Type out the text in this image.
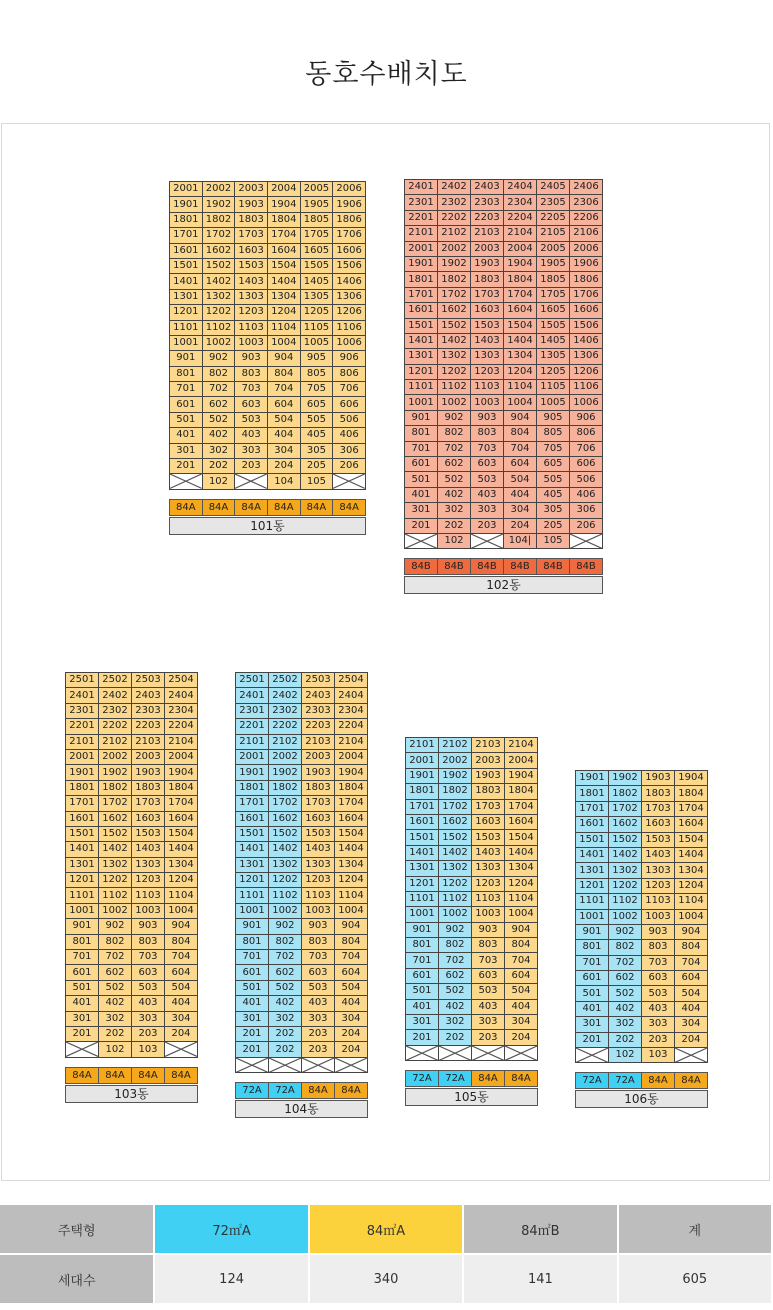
동호수배치도
2001	2002	2003	2004	2005	2006
1901	1902	1903	1904	1905	1906
1801	1802	1803	1804	1805	1806
1701	1702	1703	1704	1705	1706
1601	1602	1603	1604	1605	1606
1501	1502	1503	1504	1505	1506
1401	1402	1403	1404	1405	1406
1301	1302	1303	1304	1305	1306
1201	1202	1203	1204	1205	1206
1101	1102	1103	1104	1105	1106
1001	1002	1003	1004	1005	1006
901	902	903	904	905	906
801	802	803	804	805	806
701	702	703	704	705	706
601	602	603	604	605	606
501	502	503	504	505	506
401	402	403	404	405	406
301	302	303	304	305	306
201	202	203	204	205	206

	102		104	105	
84A	84A	84A	84A	84A	84A
101동
2401	2402	2403	2404	2405	2406
2301	2302	2303	2304	2305	2306
2201	2202	2203	2204	2205	2206
2101	2102	2103	2104	2105	2106
2001	2002	2003	2004	2005	2006
1901	1902	1903	1904	1905	1906
1801	1802	1803	1804	1805	1806
1701	1702	1703	1704	1705	1706
1601	1602	1603	1604	1605	1606
1501	1502	1503	1504	1505	1506
1401	1402	1403	1404	1405	1406
1301	1302	1303	1304	1305	1306
1201	1202	1203	1204	1205	1206
1101	1102	1103	1104	1105	1106
1001	1002	1003	1004	1005	1006
901	902	903	904	905	906
801	802	803	804	805	806
701	702	703	704	705	706
601	602	603	604	605	606
501	502	503	504	505	506
401	402	403	404	405	406
301	302	303	304	305	306
201	202	203	204	205	206

	102		104|	105	
84B	84B	84B	84B	84B	84B
102동
2501	2502	2503	2504
2401	2402	2403	2404
2301	2302	2303	2304
2201	2202	2203	2204
2101	2102	2103	2104
2001	2002	2003	2004
1901	1902	1903	1904
1801	1802	1803	1804
1701	1702	1703	1704
1601	1602	1603	1604
1501	1502	1503	1504
1401	1402	1403	1404
1301	1302	1303	1304
1201	1202	1203	1204
1101	1102	1103	1104
1001	1002	1003	1004
901	902	903	904
801	802	803	804
701	702	703	704
601	602	603	604
501	502	503	504
401	402	403	404
301	302	303	304
201	202	203	204

	102	103	
84A	84A	84A	84A
103동
2501	2502	2503	2504
2401	2402	2403	2404
2301	2302	2303	2304
2201	2202	2203	2204
2101	2102	2103	2104
2001	2002	2003	2004
1901	1902	1903	1904
1801	1802	1803	1804
1701	1702	1703	1704
1601	1602	1603	1604
1501	1502	1503	1504
1401	1402	1403	1404
1301	1302	1303	1304
1201	1202	1203	1204
1101	1102	1103	1104
1001	1002	1003	1004
901	902	903	904
801	802	803	804
701	702	703	704
601	602	603	604
501	502	503	504
401	402	403	404
301	302	303	304
201	202	203	204
201	202	203	204

72A	72A	84A	84A
104동
2101	2102	2103	2104
2001	2002	2003	2004
1901	1902	1903	1904
1801	1802	1803	1804
1701	1702	1703	1704
1601	1602	1603	1604
1501	1502	1503	1504
1401	1402	1403	1404
1301	1302	1303	1304
1201	1202	1203	1204
1101	1102	1103	1104
1001	1002	1003	1004
901	902	903	904
801	802	803	804
701	702	703	704
601	602	603	604
501	502	503	504
401	402	403	404
301	302	303	304
201	202	203	204

72A	72A	84A	84A
105동
1901	1902	1903	1904
1801	1802	1803	1804
1701	1702	1703	1704
1601	1602	1603	1604
1501	1502	1503	1504
1401	1402	1403	1404
1301	1302	1303	1304
1201	1202	1203	1204
1101	1102	1103	1104
1001	1002	1003	1004
901	902	903	904
801	802	803	804
701	702	703	704
601	602	603	604
501	502	503	504
401	402	403	404
301	302	303	304
201	202	203	204

	102	103	
72A	72A	84A	84A
106동
주택형	72㎡A	84㎡A	84㎡B	계
세대수	124	340	141	605
